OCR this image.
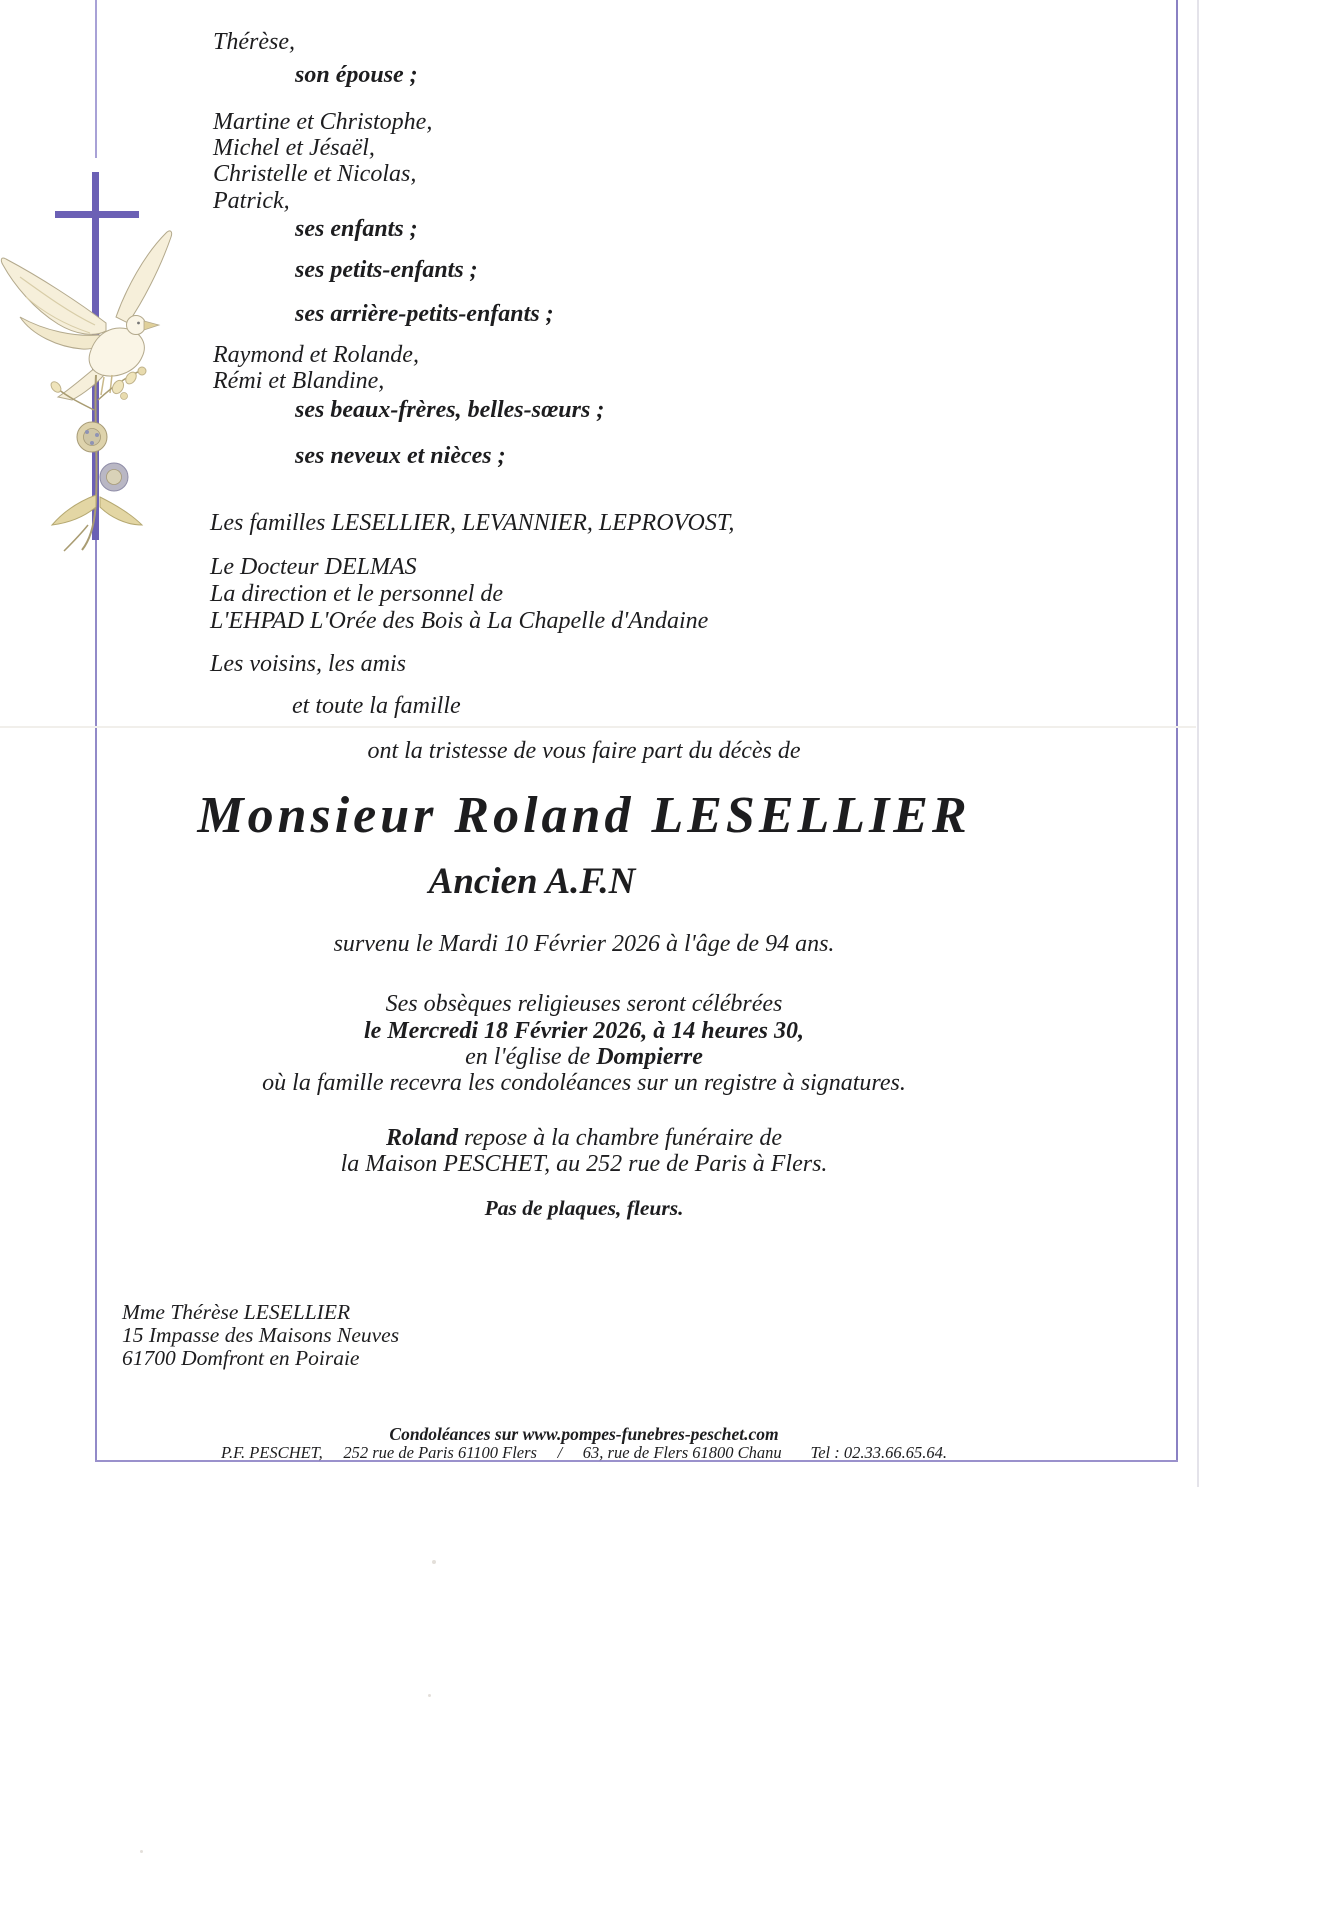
Thérèse,
son épouse ;
Martine et Christophe,
Michel et Jésaël,
Christelle et Nicolas,
Patrick,
ses enfants ;
ses petits-enfants ;
ses arrière-petits-enfants ;
Raymond et Rolande,
Rémi et Blandine,
ses beaux-frères, belles-sœurs ;
ses neveux et nièces ;
Les familles LESELLIER, LEVANNIER, LEPROVOST,
Le Docteur DELMAS
La direction et le personnel de
L'EHPAD L'Orée des Bois à La Chapelle d'Andaine
Les voisins, les amis
et toute la famille
ont la tristesse de vous faire part du décès de
Monsieur Roland LESELLIER
Ancien A.F.N
survenu le Mardi 10 Février 2026 à l'âge de 94 ans.
Ses obsèques religieuses seront célébrées
le Mercredi 18 Février 2026, à 14 heures 30,
en l'église de Dompierre
où la famille recevra les condoléances sur un registre à signatures.
Roland repose à la chambre funéraire de
la Maison PESCHET, au 252 rue de Paris à Flers.
Pas de plaques, fleurs.
Mme Thérèse LESELLIER
15 Impasse des Maisons Neuves
61700 Domfront en Poiraie
Condoléances sur www.pompes-funebres-peschet.com
P.F. PESCHET,     252 rue de Paris 61100 Flers     /     63, rue de Flers 61800 Chanu       Tel : 02.33.66.65.64.
